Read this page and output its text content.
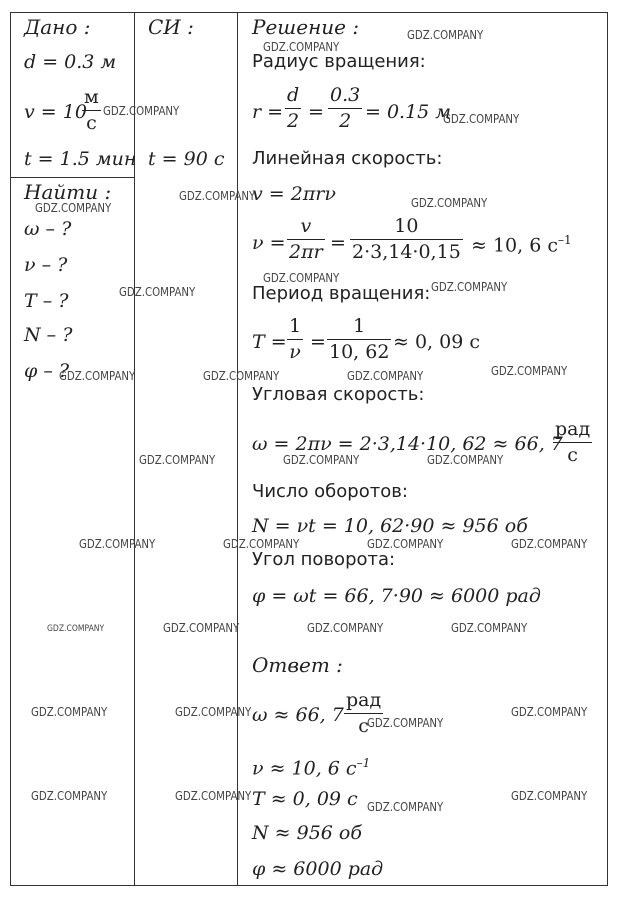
Дано :	СИ :	Решение :
d = 0.3 м
v = 10
м
с
t = 1.5 мин t = 90 с
Найти :
ω – ?
ν – ?
T – ?
N – ?
φ – ?
Радиус вращения:
r =
d
2 =
0.3
2 = 0.15 м
Линейная скорость:
v = 2πrν
ν =
v
2πr =
10
2·3,14·0,15 ≈ 10, 6 $с^{-1}$
Период вращения:
T =
1
ν =
1
10, 62 ≈ 0, 09 с
Угловая скорость:
ω = 2πν = 2·3,14·10, 62 ≈ 66, 7
рад
с
Число оборотов:
N = νt = 10, 62·90 ≈ 956 об
Угол поворота:
φ = ωt = 66, 7·90 ≈ 6000 рад
Ответ :
ω ≈ 66, 7
рад
с
ν ≈ 10, 6 $с^{-1}$
T ≈ 0, 09 с
N ≈ 956 об
φ ≈ 6000 рад
GDZ.COMPANY
GDZ.COMPANY
GDZ.COMPANY
GDZ.COMPANY
GDZ.COMPANY
GDZ.COMPANY	GDZ.COMPANY
GDZ.COMPANY
GDZ.COMPANY	GDZ.COMPANY
GDZ.COMPANY	GDZ.COMPANY	GDZ.COMPANY	GDZ.COMPANY
GDZ.COMPANY	GDZ.COMPANY	GDZ.COMPANY
GDZ.COMPANY	GDZ.COMPANY	GDZ.COMPANY	GDZ.COMPANY
GDZ.COMPANY	GDZ.COMPANY	GDZ.COMPANY	GDZ.COMPANY
GDZ.COMPANY	GDZ.COMPANY
GDZ.COMPANY
GDZ.COMPANY
GDZ.COMPANY	GDZ.COMPANY
GDZ.COMPANY
GDZ.COMPANY
